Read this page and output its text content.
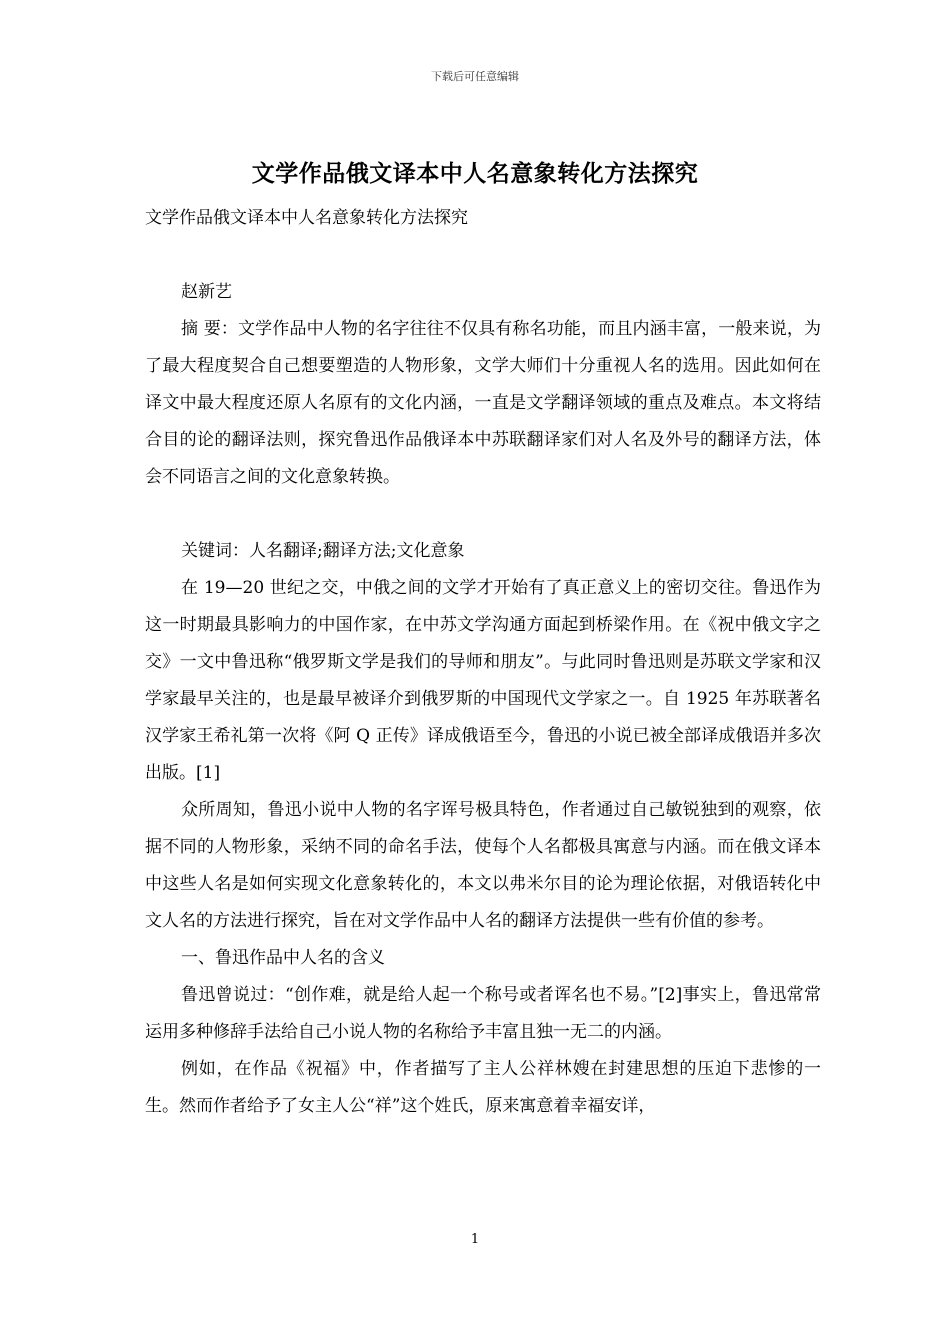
下载后可任意编辑
文学作品俄文译本中人名意象转化方法探究

文学作品俄文译本中人名意象转化方法探究

赵新艺

摘 要：文学作品中人物的名字往往不仅具有称名功能，而且内涵丰富，一般来说，为了最大程度契合自己想要塑造的人物形象，文学大师们十分重视人名的选用。因此如何在译文中最大程度还原人名原有的文化内涵，一直是文学翻译领域的重点及难点。本文将结合目的论的翻译法则，探究鲁迅作品俄译本中苏联翻译家们对人名及外号的翻译方法，体会不同语言之间的文化意象转换。

关键词：人名翻译;翻译方法;文化意象

在 19—20 世纪之交，中俄之间的文学才开始有了真正意义上的密切交往。鲁迅作为这一时期最具影响力的中国作家，在中苏文学沟通方面起到桥梁作用。在《祝中俄文字之交》一文中鲁迅称“俄罗斯文学是我们的导师和朋友”。与此同时鲁迅则是苏联文学家和汉学家最早关注的，也是最早被译介到俄罗斯的中国现代文学家之一。自 1925 年苏联著名汉学家王希礼第一次将《阿 Q 正传》译成俄语至今，鲁迅的小说已被全部译成俄语并多次出版。[1]

众所周知，鲁迅小说中人物的名字诨号极具特色，作者通过自己敏锐独到的观察，依据不同的人物形象，采纳不同的命名手法，使每个人名都极具寓意与内涵。而在俄文译本中这些人名是如何实现文化意象转化的，本文以弗米尔目的论为理论依据，对俄语转化中文人名的方法进行探究，旨在对文学作品中人名的翻译方法提供一些有价值的参考。

一、鲁迅作品中人名的含义

鲁迅曾说过：“创作难，就是给人起一个称号或者诨名也不易。”[2]事实上，鲁迅常常运用多种修辞手法给自己小说人物的名称给予丰富且独一无二的内涵。

例如，在作品《祝福》中，作者描写了主人公祥林嫂在封建思想的压迫下悲惨的一生。然而作者给予了女主人公“祥”这个姓氏，原来寓意着幸福安详，

1
